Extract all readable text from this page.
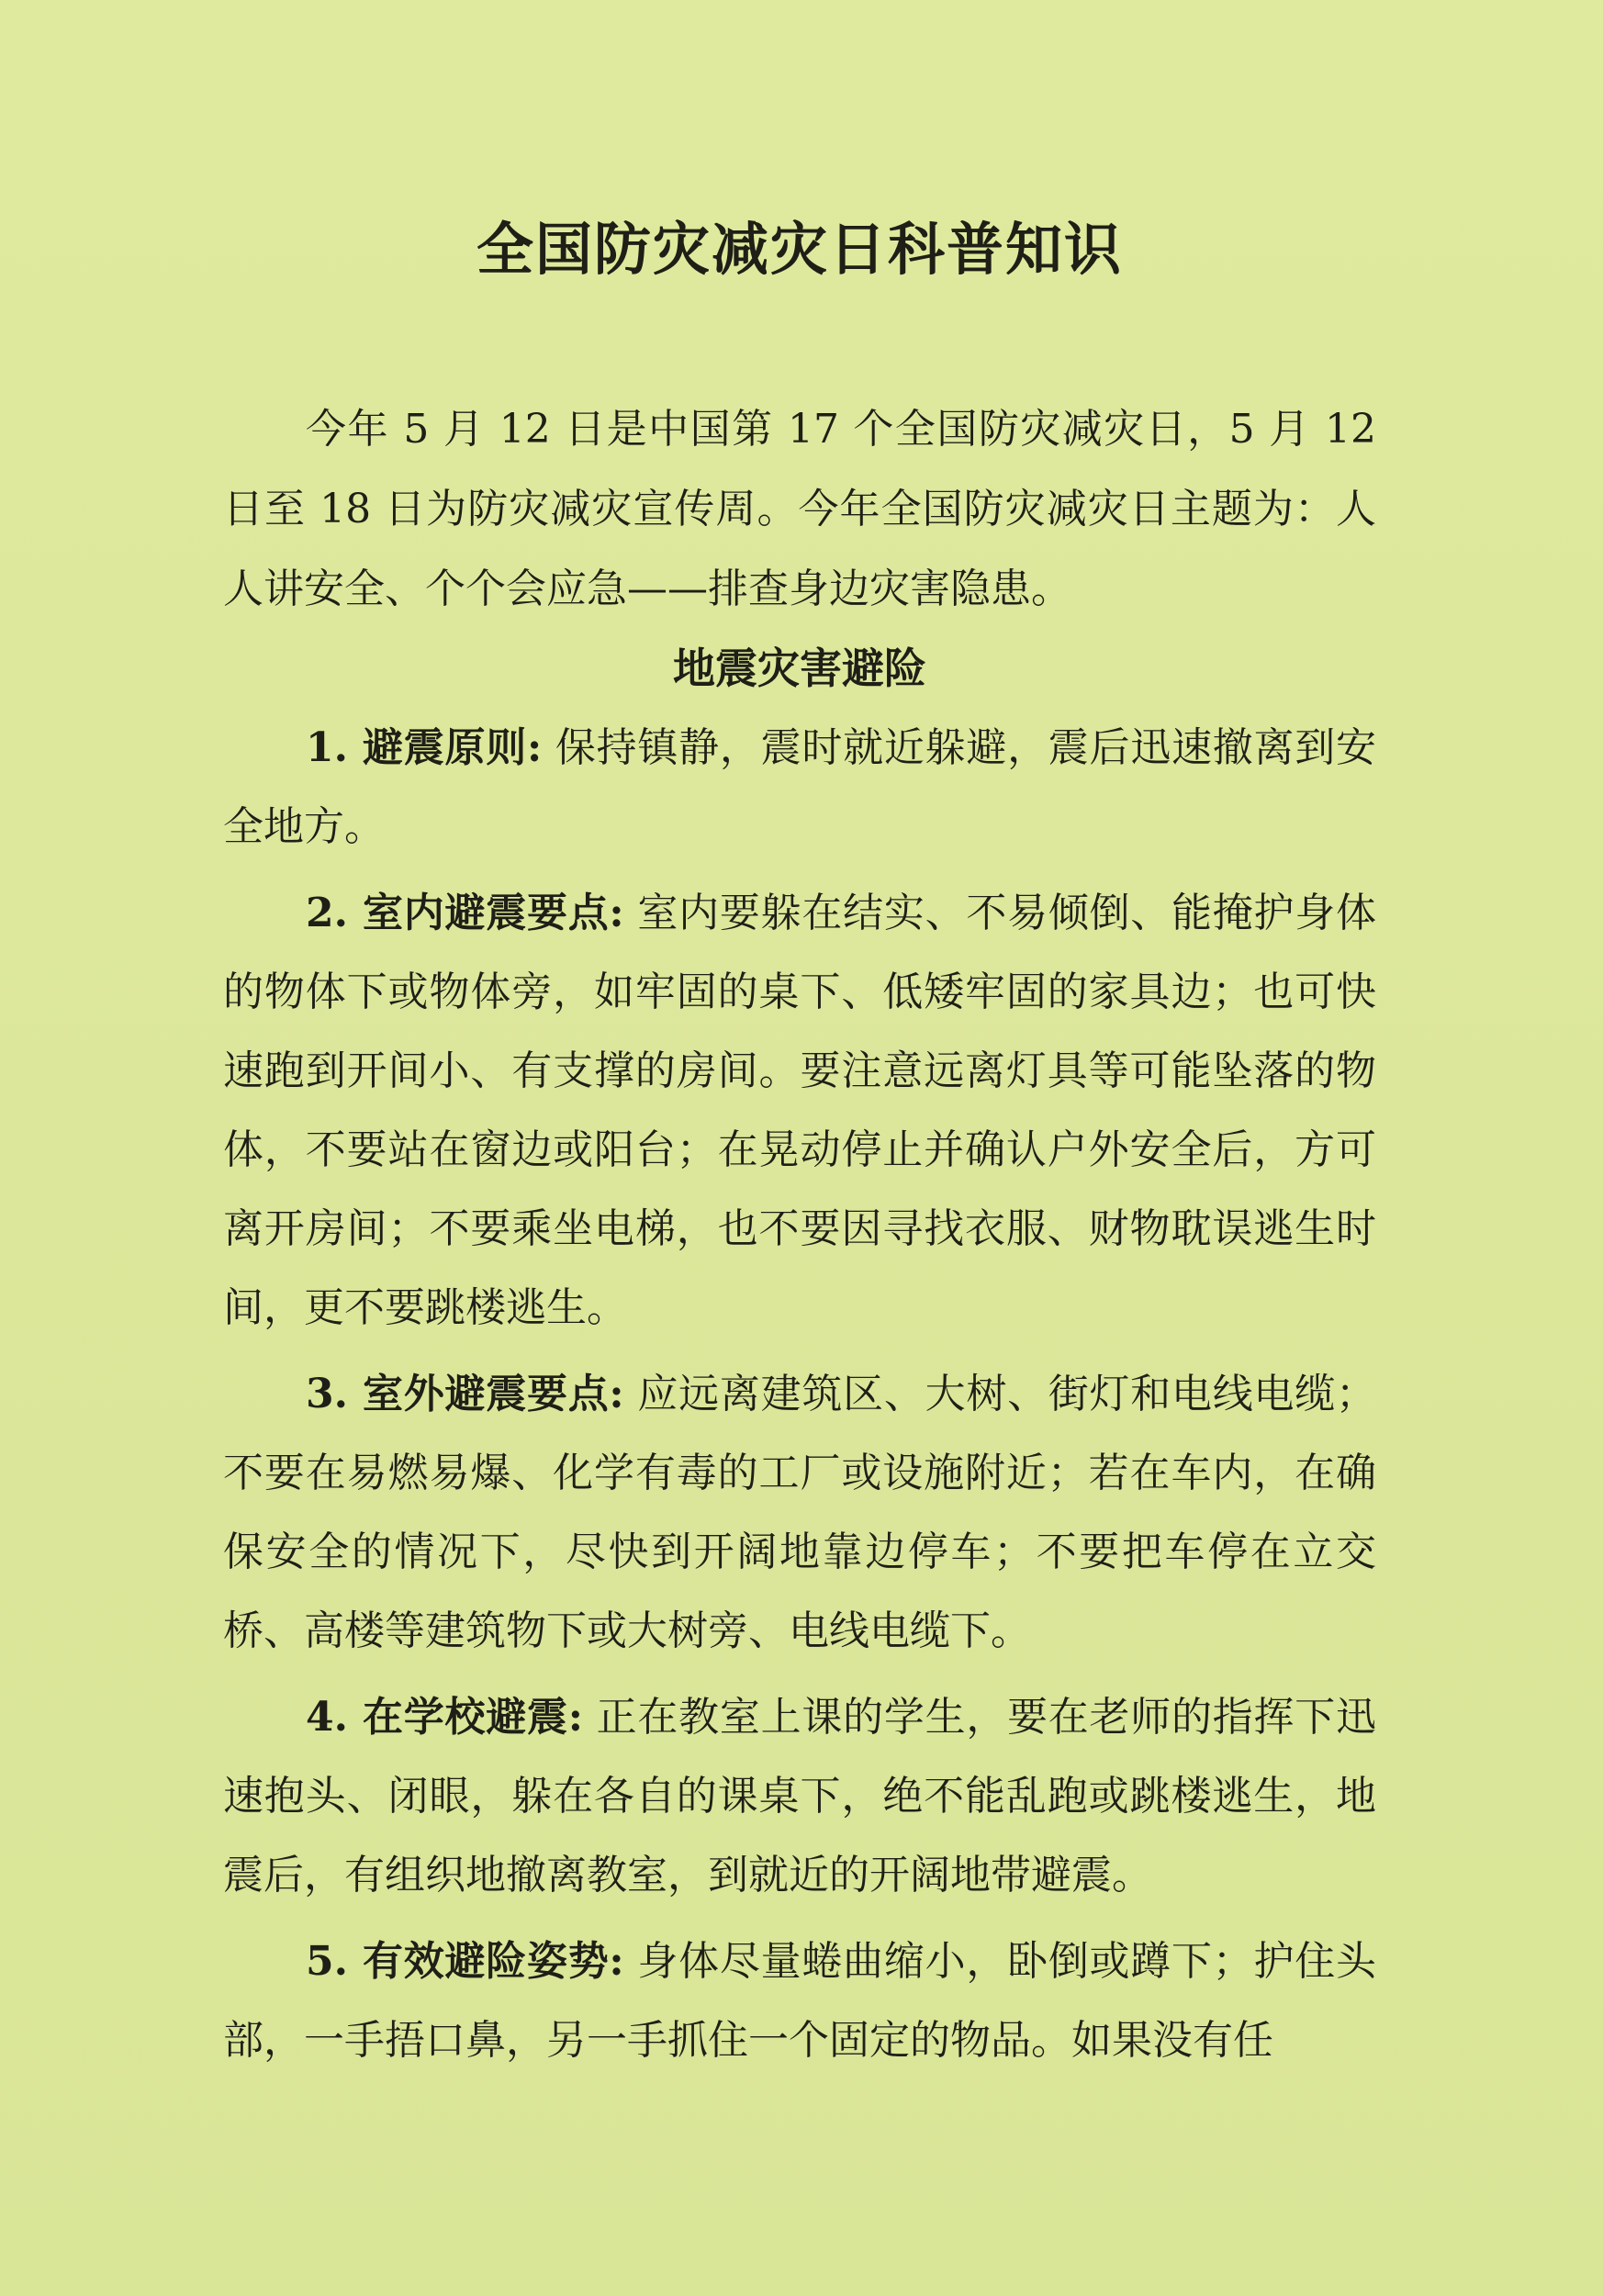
全国防灾减灾日科普知识

今年 5 月 12 日是中国第 17 个全国防灾减灾日，5 月 12 日至 18 日为防灾减灾宣传周。今年全国防灾减灾日主题为：人人讲安全、个个会应急——排查身边灾害隐患。

地震灾害避险

1. 避震原则: 保持镇静，震时就近躲避，震后迅速撤离到安全地方。

2. 室内避震要点: 室内要躲在结实、不易倾倒、能掩护身体的物体下或物体旁，如牢固的桌下、低矮牢固的家具边；也可快速跑到开间小、有支撑的房间。要注意远离灯具等可能坠落的物体，不要站在窗边或阳台；在晃动停止并确认户外安全后，方可离开房间；不要乘坐电梯，也不要因寻找衣服、财物耽误逃生时间，更不要跳楼逃生。

3. 室外避震要点: 应远离建筑区、大树、街灯和电线电缆；不要在易燃易爆、化学有毒的工厂或设施附近；若在车内，在确保安全的情况下，尽快到开阔地靠边停车；不要把车停在立交桥、高楼等建筑物下或大树旁、电线电缆下。

4. 在学校避震: 正在教室上课的学生，要在老师的指挥下迅速抱头、闭眼，躲在各自的课桌下，绝不能乱跑或跳楼逃生，地震后，有组织地撤离教室，到就近的开阔地带避震。

5. 有效避险姿势: 身体尽量蜷曲缩小，卧倒或蹲下；护住头部，一手捂口鼻，另一手抓住一个固定的物品。如果没有任
